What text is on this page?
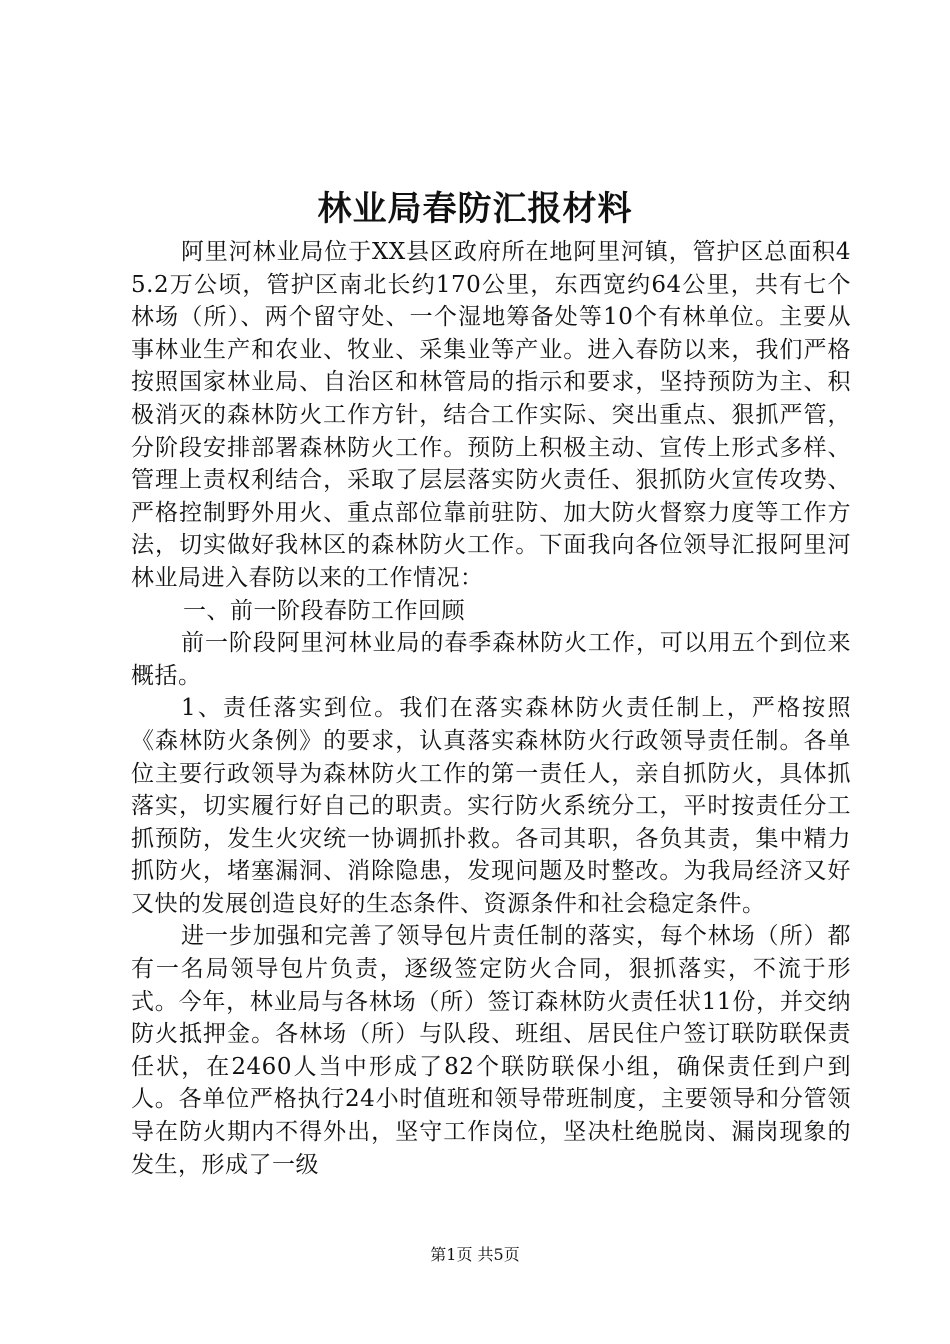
林业局春防汇报材料

阿里河林业局位于XX县区政府所在地阿里河镇，管护区总面积45.2万公顷，管护区南北长约170公里，东西宽约64公里，共有七个林场（所）、两个留守处、一个湿地筹备处等10个有林单位。主要从事林业生产和农业、牧业、采集业等产业。进入春防以来，我们严格按照国家林业局、自治区和林管局的指示和要求，坚持预防为主、积极消灭的森林防火工作方针，结合工作实际、突出重点、狠抓严管，分阶段安排部署森林防火工作。预防上积极主动、宣传上形式多样、管理上责权利结合，采取了层层落实防火责任、狠抓防火宣传攻势、严格控制野外用火、重点部位靠前驻防、加大防火督察力度等工作方法，切实做好我林区的森林防火工作。下面我向各位领导汇报阿里河林业局进入春防以来的工作情况：

一、前一阶段春防工作回顾

前一阶段阿里河林业局的春季森林防火工作，可以用五个到位来概括。

1、责任落实到位。我们在落实森林防火责任制上，严格按照《森林防火条例》的要求，认真落实森林防火行政领导责任制。各单位主要行政领导为森林防火工作的第一责任人，亲自抓防火，具体抓落实，切实履行好自己的职责。实行防火系统分工，平时按责任分工抓预防，发生火灾统一协调抓扑救。各司其职，各负其责，集中精力抓防火，堵塞漏洞、消除隐患，发现问题及时整改。为我局经济又好又快的发展创造良好的生态条件、资源条件和社会稳定条件。

进一步加强和完善了领导包片责任制的落实，每个林场（所）都有一名局领导包片负责，逐级签定防火合同，狠抓落实，不流于形式。今年，林业局与各林场（所）签订森林防火责任状11份，并交纳防火抵押金。各林场（所）与队段、班组、居民住户签订联防联保责任状，在2460人当中形成了82个联防联保小组，确保责任到户到人。各单位严格执行24小时值班和领导带班制度，主要领导和分管领导在防火期内不得外出，坚守工作岗位，坚决杜绝脱岗、漏岗现象的发生，形成了一级

第1页 共5页
